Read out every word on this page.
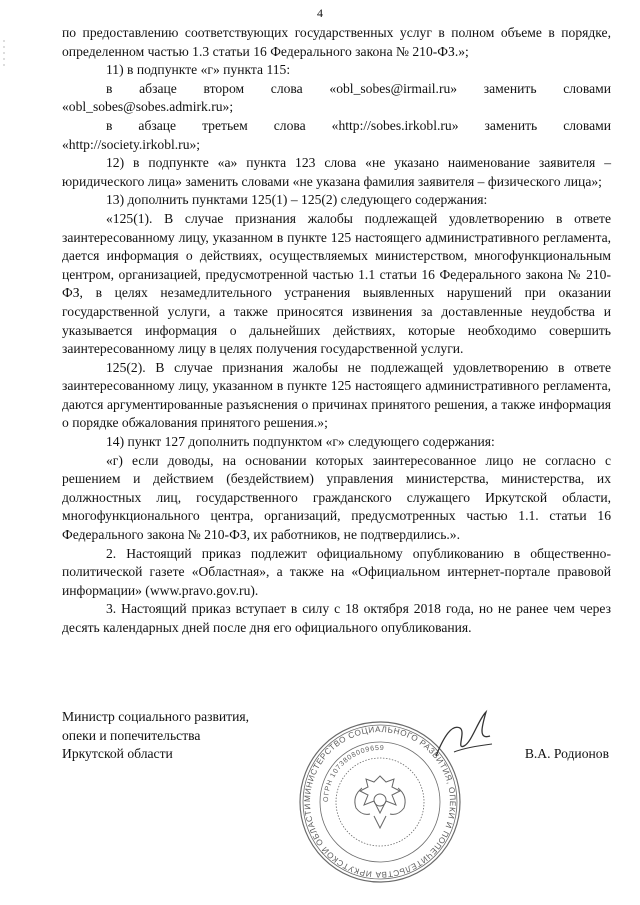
4

по предоставлению соответствующих государственных услуг в полном объеме в порядке, определенном частью 1.3 статьи 16 Федерального закона № 210-ФЗ.»;

11) в подпункте «г» пункта 115:

в абзаце втором слова «obl_sobes@irmail.ru» заменить словами «obl_sobes@sobes.admirk.ru»;

в абзаце третьем слова «http://sobes.irkobl.ru» заменить словами «http://society.irkobl.ru»;

12) в подпункте «а» пункта 123 слова «не указано наименование заявителя – юридического лица» заменить словами «не указана фамилия заявителя – физического лица»;

13) дополнить пунктами 125(1) – 125(2) следующего содержания:

«125(1). В случае признания жалобы подлежащей удовлетворению в ответе заинтересованному лицу, указанном в пункте 125 настоящего административного регламента, дается информация о действиях, осуществляемых министерством, многофункциональным центром, организацией, предусмотренной частью 1.1 статьи 16 Федерального закона № 210-ФЗ, в целях незамедлительного устранения выявленных нарушений при оказании государственной услуги, а также приносятся извинения за доставленные неудобства и указывается информация о дальнейших действиях, которые необходимо совершить заинтересованному лицу в целях получения государственной услуги.

125(2). В случае признания жалобы не подлежащей удовлетворению в ответе заинтересованному лицу, указанном в пункте 125 настоящего административного регламента, даются аргументированные разъяснения о причинах принятого решения, а также информация о порядке обжалования принятого решения.»;

14) пункт 127 дополнить подпунктом «г» следующего содержания:

«г) если доводы, на основании которых заинтересованное лицо не согласно с решением и действием (бездействием) управления министерства, министерства, их должностных лиц, государственного гражданского служащего Иркутской области, многофункционального центра, организаций, предусмотренных частью 1.1. статьи 16 Федерального закона № 210-ФЗ, их работников, не подтвердились.».

2. Настоящий приказ подлежит официальному опубликованию в общественно-политической газете «Областная», а также на «Официальном интернет-портале правовой информации» (www.pravo.gov.ru).

3. Настоящий приказ вступает в силу с 18 октября 2018 года, но не ранее чем через десять календарных дней после дня его официального опубликования.

МИНИСТЕРСТВО СОЦИАЛЬНОГО РАЗВИТИЯ, ОПЕКИ И ПОПЕЧИТЕЛЬСТВА ИРКУТСКОЙ ОБЛАСТИ
ОГРН 1073808009659

Министр социального развития,

опеки и попечительства

Иркутской области	В.А. Родионов
